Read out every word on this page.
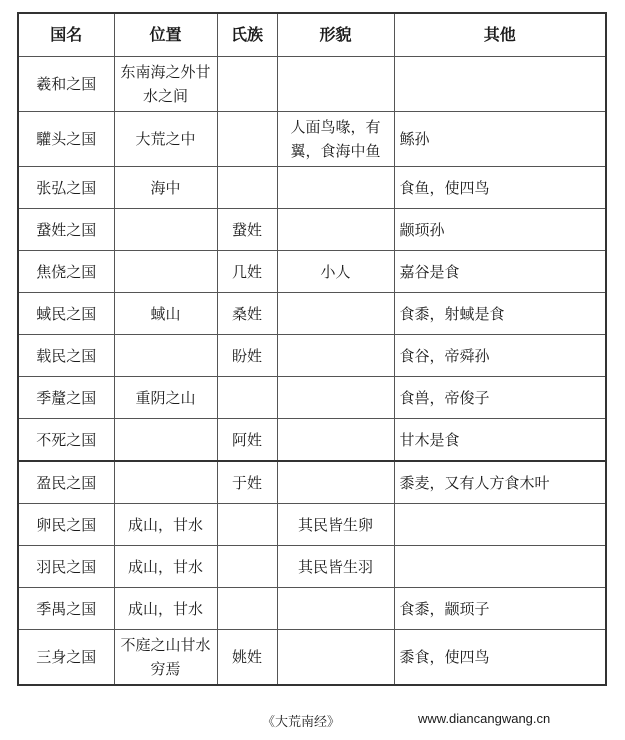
国名	位置	氏族	形貌	其他
羲和之国	东南海之外甘水之间			
驩头之国	大荒之中		人面鸟喙，有翼，食海中鱼	鲧孙
张弘之国	海中			食鱼，使四鸟
䖸姓之国		䖸姓		颛顼孙
焦侥之国		几姓	小人	嘉谷是食
蜮民之国	蜮山	桑姓		食黍，射蜮是食
载民之国		盼姓		食谷，帝舜孙
季釐之国	重阴之山			食兽，帝俊子
不死之国		阿姓		甘木是食
盈民之国		于姓		黍麦，又有人方食木叶
卵民之国	成山，甘水		其民皆生卵	
羽民之国	成山，甘水		其民皆生羽	
季禺之国	成山，甘水			食黍，颛顼子
三身之国	不庭之山甘水穷焉	姚姓		黍食，使四鸟
《大荒南经》	www.diancangwang.cn
